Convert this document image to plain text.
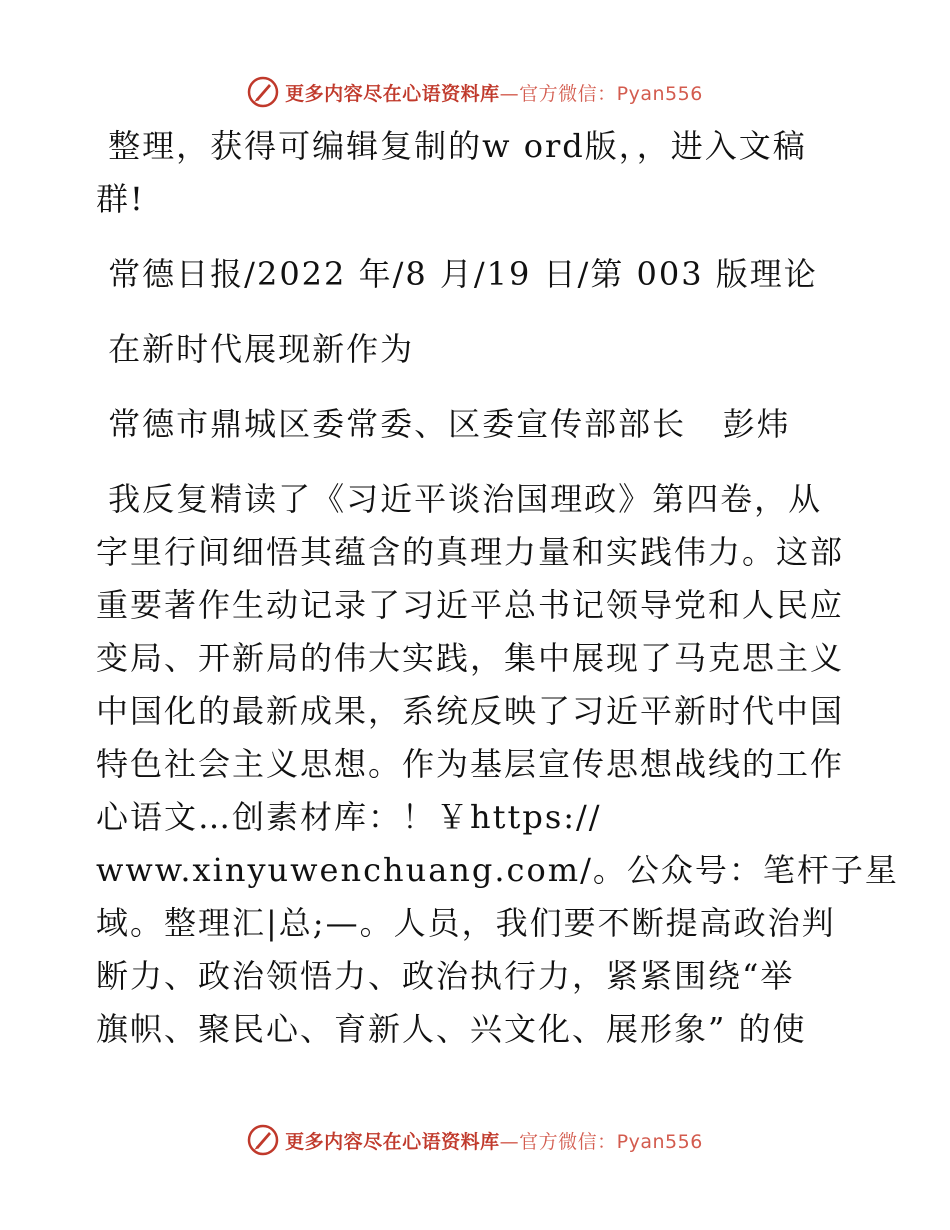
更多内容尽在心语资料库—官方微信：Pyan556
整理，获得可编辑复制的w ord版，，进入文稿
群!
常德日报/2022 年/8 月/19 日/第 003 版理论
在新时代展现新作为
常德市鼎城区委常委、区委宣传部部长   彭炜
我反复精读了《习近平谈治国理政》第四卷，从
字里行间细悟其蕴含的真理力量和实践伟力。这部
重要著作生动记录了习近平总书记领导党和人民应
变局、开新局的伟大实践，集中展现了马克思主义
中国化的最新成果，系统反映了习近平新时代中国
特色社会主义思想。作为基层宣传思想战线的工作
心语文…创素材库：！￥https://
www.xinyuwenchuang.com/。公众号：笔杆子星
域。整理汇|总;—。人员，我们要不断提高政治判
断力、政治领悟力、政治执行力，紧紧围绕“举
旗帜、聚民心、育新人、兴文化、展形象” 的使
更多内容尽在心语资料库—官方微信：Pyan556
